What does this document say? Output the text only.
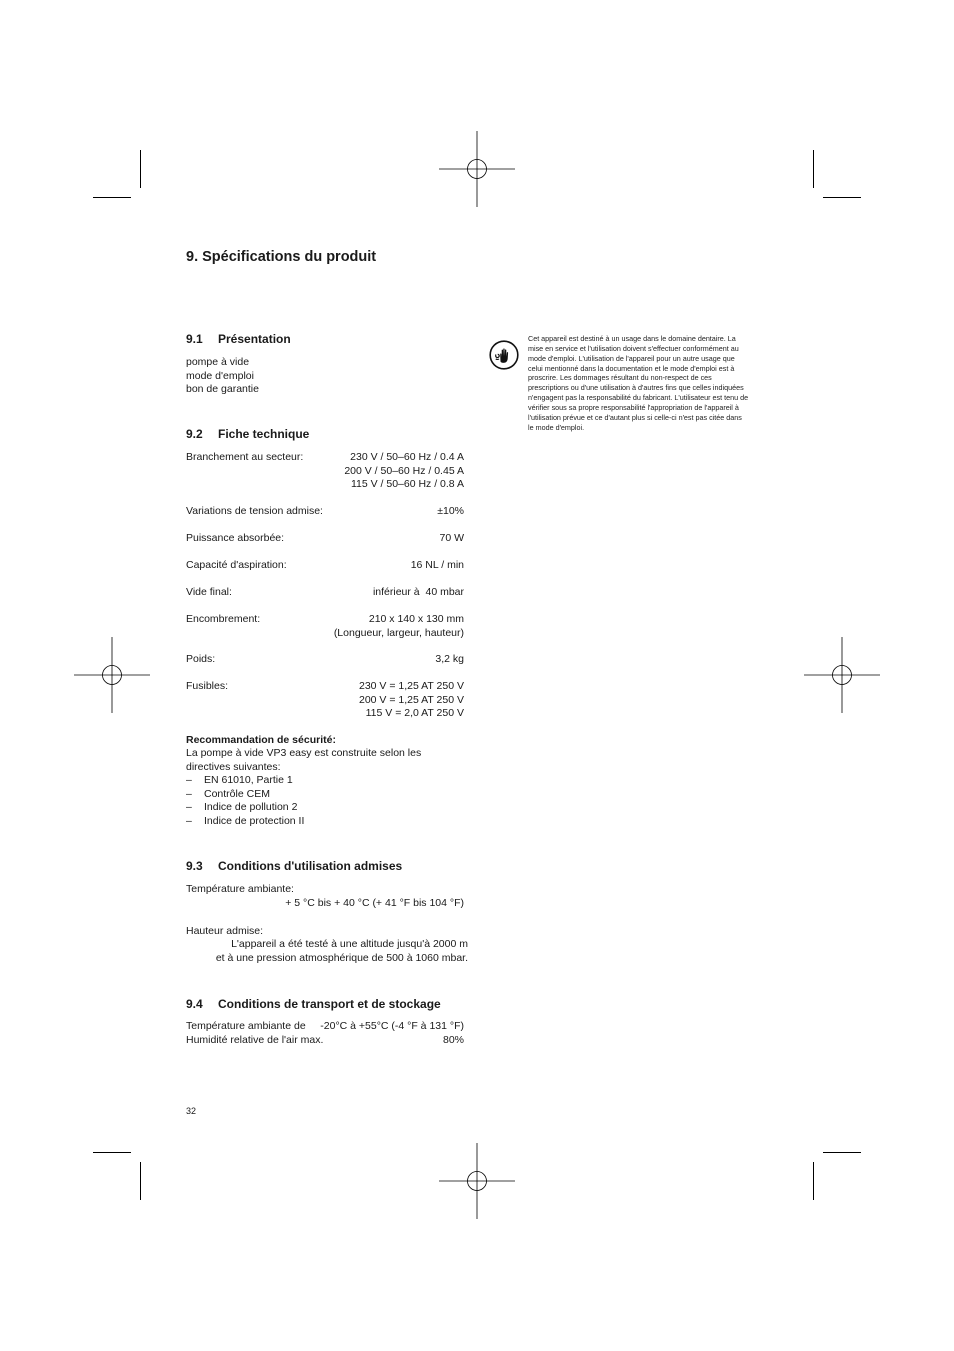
9. Spécifications du produit
9.1 Présentation
pompe à vide
mode d'emploi
bon de garantie
9.2 Fiche technique
Branchement au secteur:	230 V / 50–60 Hz / 0.4 A
200 V / 50–60 Hz / 0.45 A
115 V / 50–60 Hz / 0.8 A
Variations de tension admise:	±10%
Puissance absorbée:	70 W
Capacité d'aspiration:	16 NL / min
Vide final:	inférieur à  40 mbar
Encombrement:	210 x 140 x 130 mm
(Longueur, largeur, hauteur)
Poids:	3,2 kg
Fusibles:	230 V = 1,25 AT 250 V
200 V = 1,25 AT 250 V
115 V = 2,0 AT 250 V
Recommandation de sécurité:
La pompe à vide VP3 easy est construite selon les
directives suivantes:
– EN 61010, Partie 1
– Contrôle CEM
– Indice de pollution 2
– Indice de protection II
9.3 Conditions d'utilisation admises
Température ambiante:
+ 5 °C bis + 40 °C (+ 41 °F bis 104 °F)
Hauteur admise:
L'appareil a été testé à une altitude jusqu'à 2000 m
et à une pression atmosphérique de 500 à 1060 mbar.
9.4 Conditions de transport et de stockage
Température ambiante de -20°C à +55°C (-4 °F à 131 °F)
Humidité relative de l'air max.	80%
Cet appareil est destiné à un usage dans le domaine dentaire. La
mise en service et l'utilisation doivent s'effectuer conformément au
mode d'emploi. L'utilisation de l'appareil pour un autre usage que
celui mentionné dans la documentation et le mode d'emploi est à
proscrire. Les dommages résultant du non-respect de ces
prescriptions ou d'une utilisation à d'autres fins que celles indiquées
n'engagent pas la responsabilité du fabricant. L'utilisateur est tenu de
vérifier sous sa propre responsabilité l'appropriation de l'appareil à
l'utilisation prévue et ce d'autant plus si celle-ci n'est pas citée dans
le mode d'emploi.
32
